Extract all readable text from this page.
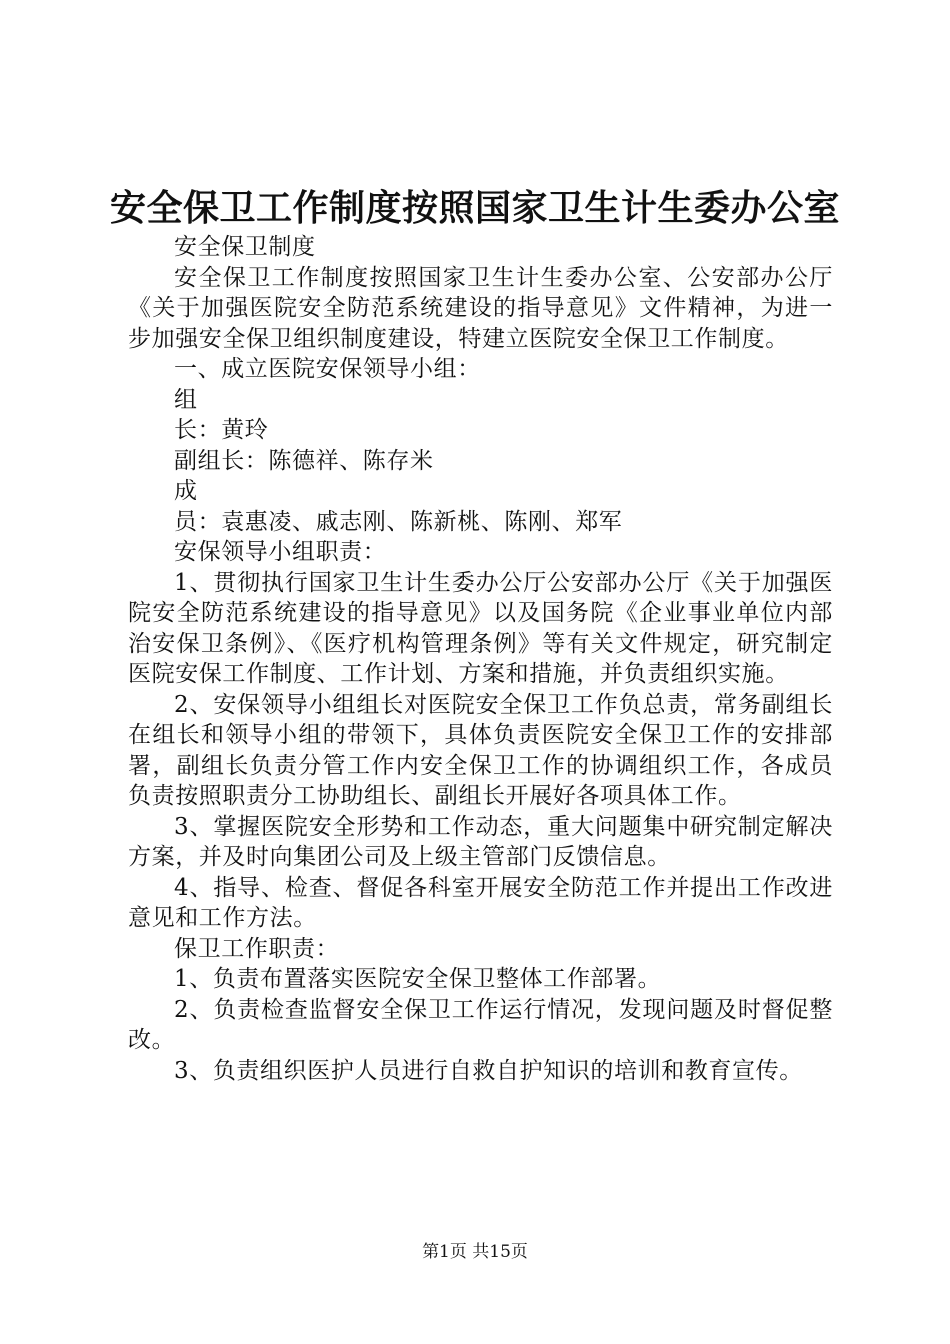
安全保卫工作制度按照国家卫生计生委办公室

安全保卫制度

安全保卫工作制度按照国家卫生计生委办公室、公安部办公厅《关于加强医院安全防范系统建设的指导意见》文件精神，为进一步加强安全保卫组织制度建设，特建立医院安全保卫工作制度。

一、成立医院安保领导小组：

组

长：黄玲

副组长：陈德祥、陈存米

成

员：袁惠凌、戚志刚、陈新桃、陈刚、郑军

安保领导小组职责：

1、贯彻执行国家卫生计生委办公厅公安部办公厅《关于加强医院安全防范系统建设的指导意见》以及国务院《企业事业单位内部治安保卫条例》、《医疗机构管理条例》等有关文件规定，研究制定医院安保工作制度、工作计划、方案和措施，并负责组织实施。

2、安保领导小组组长对医院安全保卫工作负总责，常务副组长在组长和领导小组的带领下，具体负责医院安全保卫工作的安排部署，副组长负责分管工作内安全保卫工作的协调组织工作，各成员负责按照职责分工协助组长、副组长开展好各项具体工作。

3、掌握医院安全形势和工作动态，重大问题集中研究制定解决方案，并及时向集团公司及上级主管部门反馈信息。

4、指导、检查、督促各科室开展安全防范工作并提出工作改进意见和工作方法。

保卫工作职责：

1、负责布置落实医院安全保卫整体工作部署。

2、负责检查监督安全保卫工作运行情况，发现问题及时督促整改。

3、负责组织医护人员进行自救自护知识的培训和教育宣传。

第1页 共15页
